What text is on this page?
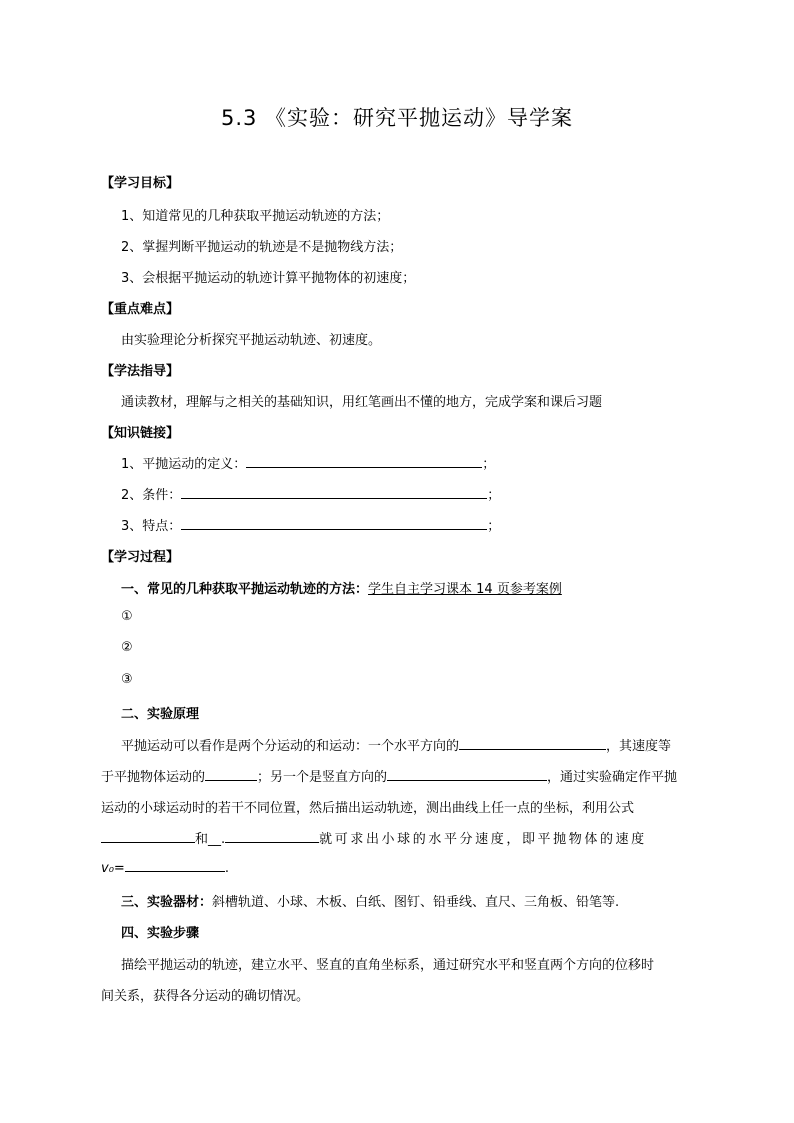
5.3 《实验：研究平抛运动》导学案
【学习目标】
1、知道常见的几种获取平抛运动轨迹的方法；
2、掌握判断平抛运动的轨迹是不是抛物线方法；
3、会根据平抛运动的轨迹计算平抛物体的初速度；
【重点难点】
由实验理论分析探究平抛运动轨迹、初速度。
【学法指导】
通读教材，理解与之相关的基础知识，用红笔画出不懂的地方，完成学案和课后习题
【知识链接】
1、平抛运动的定义：	；
2、条件：	；
3、特点：	；
【学习过程】
一、常见的几种获取平抛运动轨迹的方法：学生自主学习课本 14 页参考案例
①
②
③
二、实验原理
平抛运动可以看作是两个分运动的和运动：一个水平方向的	，其速度等
于平抛物体运动的	；另一个是竖直方向的	，通过实验确定作平抛
运动的小球运动时的若干不同位置，然后描出运动轨迹，测出曲线上任一点的坐标，利用公式
和__.	就可求出小球的水平分速度，即平抛物体的速度
v₀=	.
三、实验器材：斜槽轨道、小球、木板、白纸、图钉、铅垂线、直尺、三角板、铅笔等.
四、实验步骤
描绘平抛运动的轨迹，建立水平、竖直的直角坐标系，通过研究水平和竖直两个方向的位移时
间关系，获得各分运动的确切情况。
